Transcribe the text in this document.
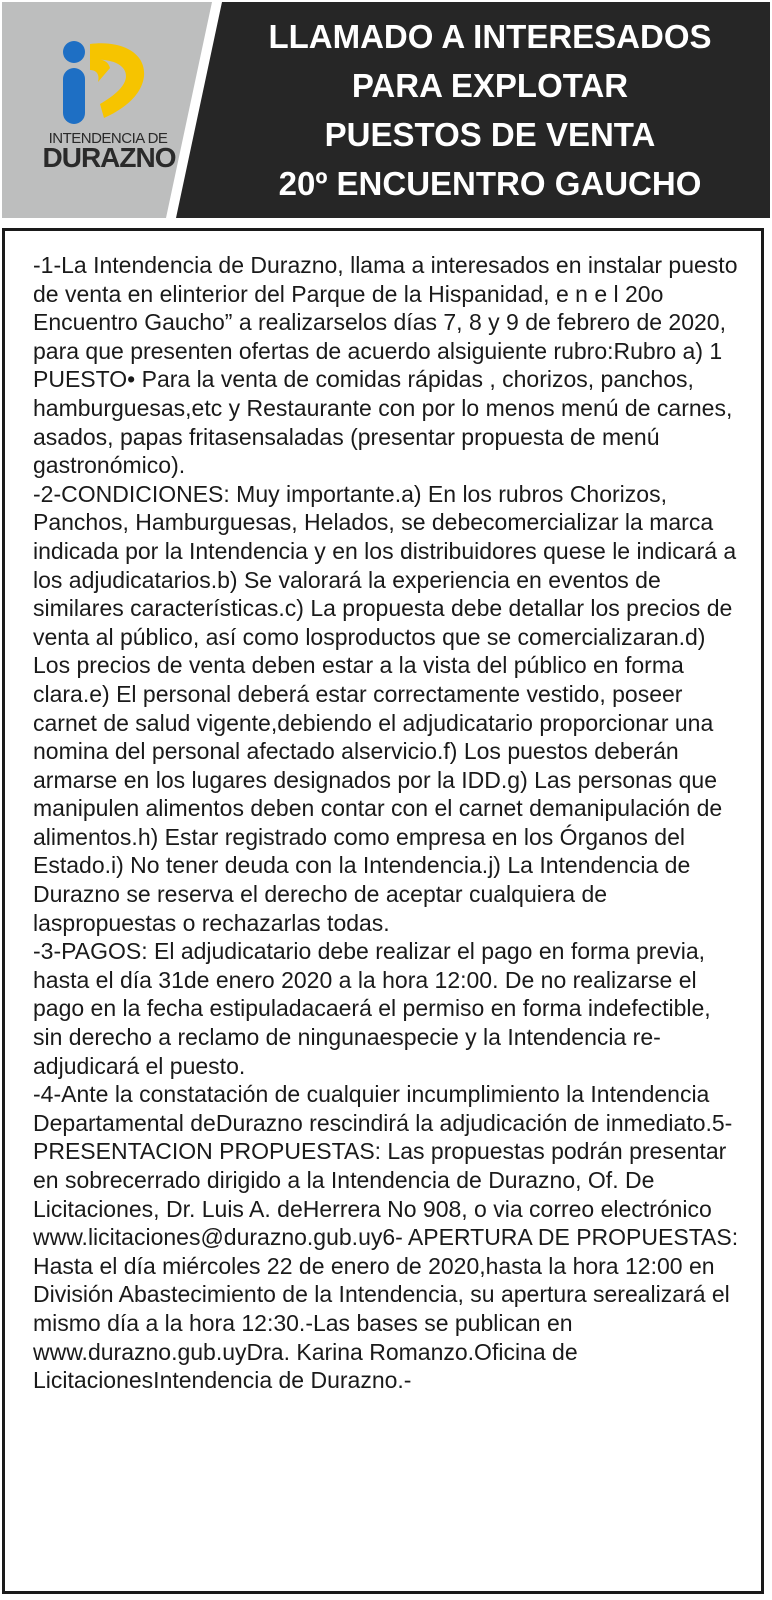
INTENDENCIA DE
DURAZNO
LLAMADO A INTERESADOS
PARA EXPLOTAR
PUESTOS DE VENTA
20º ENCUENTRO GAUCHO

-1-La Intendencia de Durazno, llama a interesados en instalar puesto de venta en elinterior del Parque de la Hispanidad, e n e l 20o Encuentro Gaucho” a realizarselos días 7, 8 y 9 de febrero de 2020, para que presenten ofertas de acuerdo alsiguiente rubro:Rubro a) 1 PUESTO• Para la venta de comidas rápidas , chorizos, panchos, hamburguesas,etc y Restaurante con por lo menos menú de carnes, asados, papas fritasensaladas (presentar propuesta de menú gastronómico).

-2-CONDICIONES: Muy importante.a) En los rubros Chorizos, Panchos, Hamburguesas, Helados, se debecomercializar la marca indicada por la Intendencia y en los distribuidores quese le indicará a los adjudicatarios.b) Se valorará la experiencia en eventos de similares características.c) La propuesta debe detallar los precios de venta al público, así como losproductos que se comercializaran.d) Los precios de venta deben estar a la vista del público en forma clara.e) El personal deberá estar correctamente vestido, poseer carnet de salud vigente,debiendo el adjudicatario proporcionar una nomina del personal afectado alservicio.f) Los puestos deberán armarse en los lugares designados por la IDD.g) Las personas que manipulen alimentos deben contar con el carnet demanipulación de alimentos.h) Estar registrado como empresa en los Órganos del Estado.i) No tener deuda con la Intendencia.j) La Intendencia de Durazno se reserva el derecho de aceptar cualquiera de laspropuestas o rechazarlas todas.

-3-PAGOS: El adjudicatario debe realizar el pago en forma previa, hasta el día 31de enero 2020 a la hora 12:00. De no realizarse el pago en la fecha estipuladacaerá el permiso en forma indefectible, sin derecho a reclamo de ningunaespecie y la Intendencia re-adjudicará el puesto.

-4-Ante la constatación de cualquier incumplimiento la Intendencia Departamental deDurazno rescindirá la adjudicación de inmediato.5- PRESENTACION PROPUESTAS: Las propuestas podrán presentar en sobrecerrado dirigido a la Intendencia de Durazno, Of. De Licitaciones, Dr. Luis A. deHerrera No 908, o via correo electrónico www.licitaciones@durazno.gub.uy6- APERTURA DE PROPUESTAS: Hasta el día miércoles 22 de enero de 2020,hasta la hora 12:00 en División Abastecimiento de la Intendencia, su apertura serealizará el mismo día a la hora 12:30.-Las bases se publican en www.durazno.gub.uyDra. Karina Romanzo.Oficina de LicitacionesIntendencia de Durazno.-
